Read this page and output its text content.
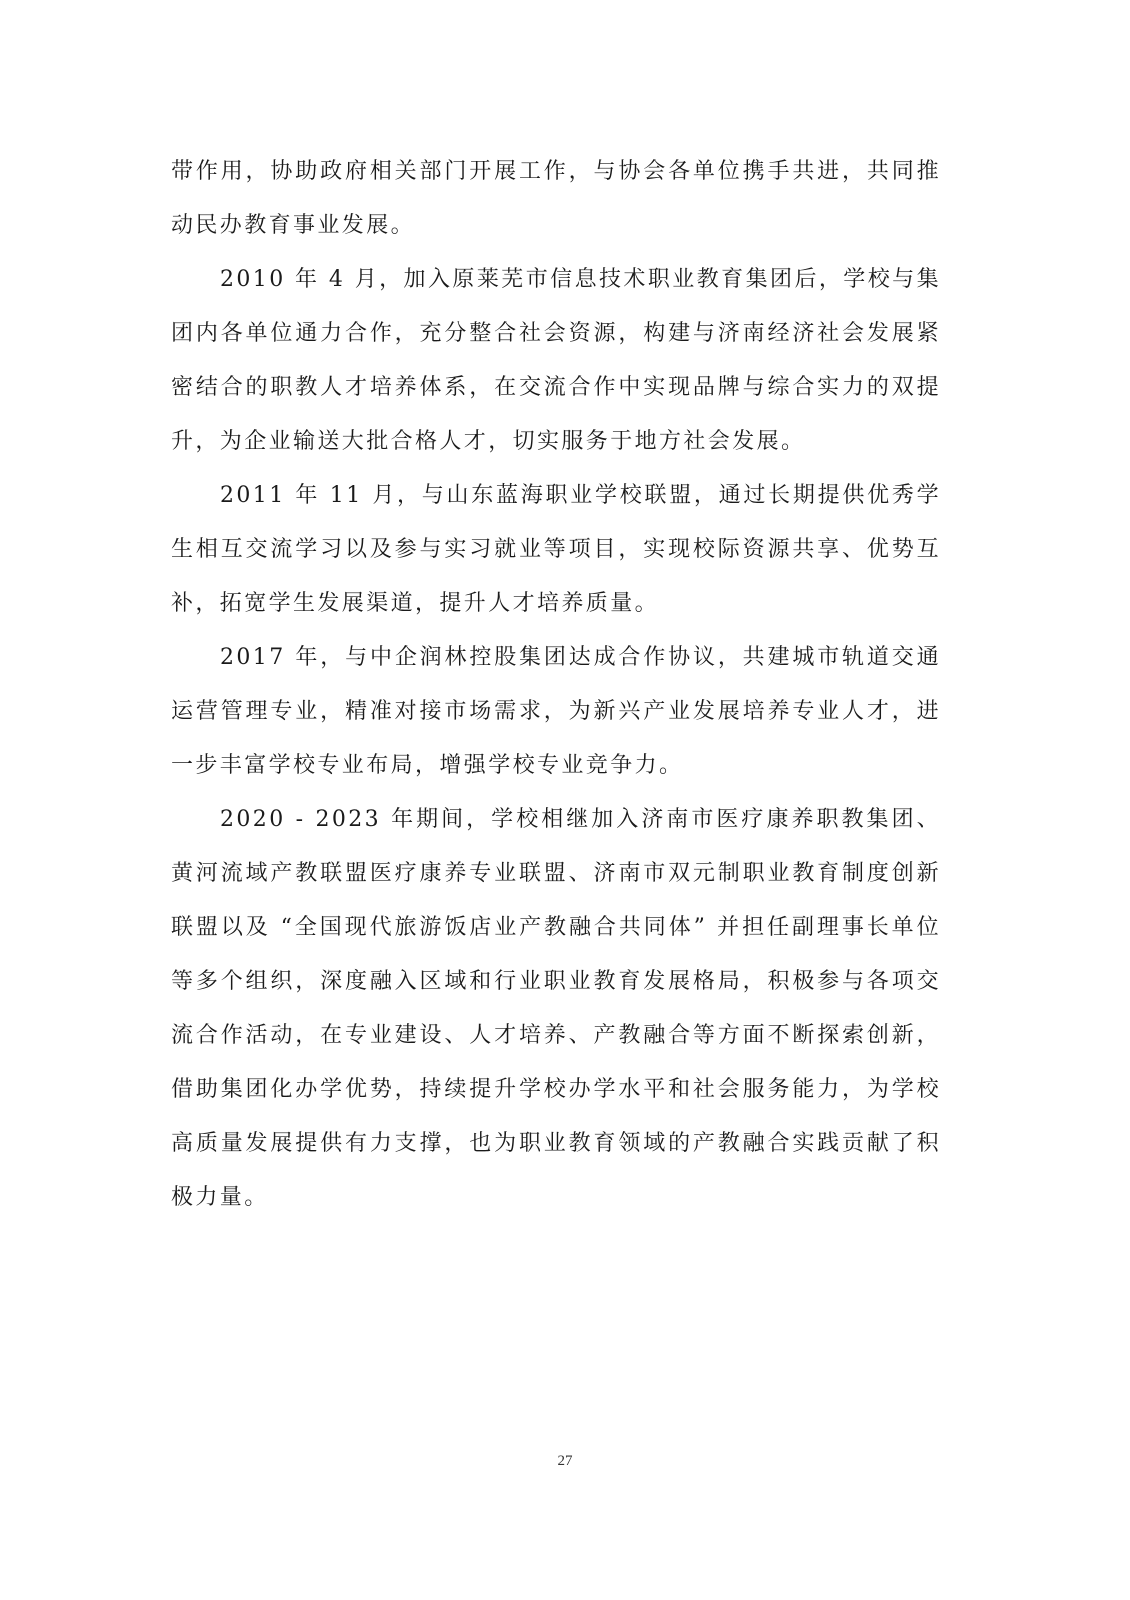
带作用，协助政府相关部门开展工作，与协会各单位携手共进，共同推动民办教育事业发展。

2010 年 4 月，加入原莱芜市信息技术职业教育集团后，学校与集团内各单位通力合作，充分整合社会资源，构建与济南经济社会发展紧密结合的职教人才培养体系，在交流合作中实现品牌与综合实力的双提升，为企业输送大批合格人才，切实服务于地方社会发展。

2011 年 11 月，与山东蓝海职业学校联盟，通过长期提供优秀学生相互交流学习以及参与实习就业等项目，实现校际资源共享、优势互补，拓宽学生发展渠道，提升人才培养质量。

2017 年，与中企润林控股集团达成合作协议，共建城市轨道交通运营管理专业，精准对接市场需求，为新兴产业发展培养专业人才，进一步丰富学校专业布局，增强学校专业竞争力。

2020 - 2023 年期间，学校相继加入济南市医疗康养职教集团、黄河流域产教联盟医疗康养专业联盟、济南市双元制职业教育制度创新联盟以及 “全国现代旅游饭店业产教融合共同体” 并担任副理事长单位等多个组织，深度融入区域和行业职业教育发展格局，积极参与各项交流合作活动，在专业建设、人才培养、产教融合等方面不断探索创新，借助集团化办学优势，持续提升学校办学水平和社会服务能力，为学校高质量发展提供有力支撑，也为职业教育领域的产教融合实践贡献了积极力量。

27
